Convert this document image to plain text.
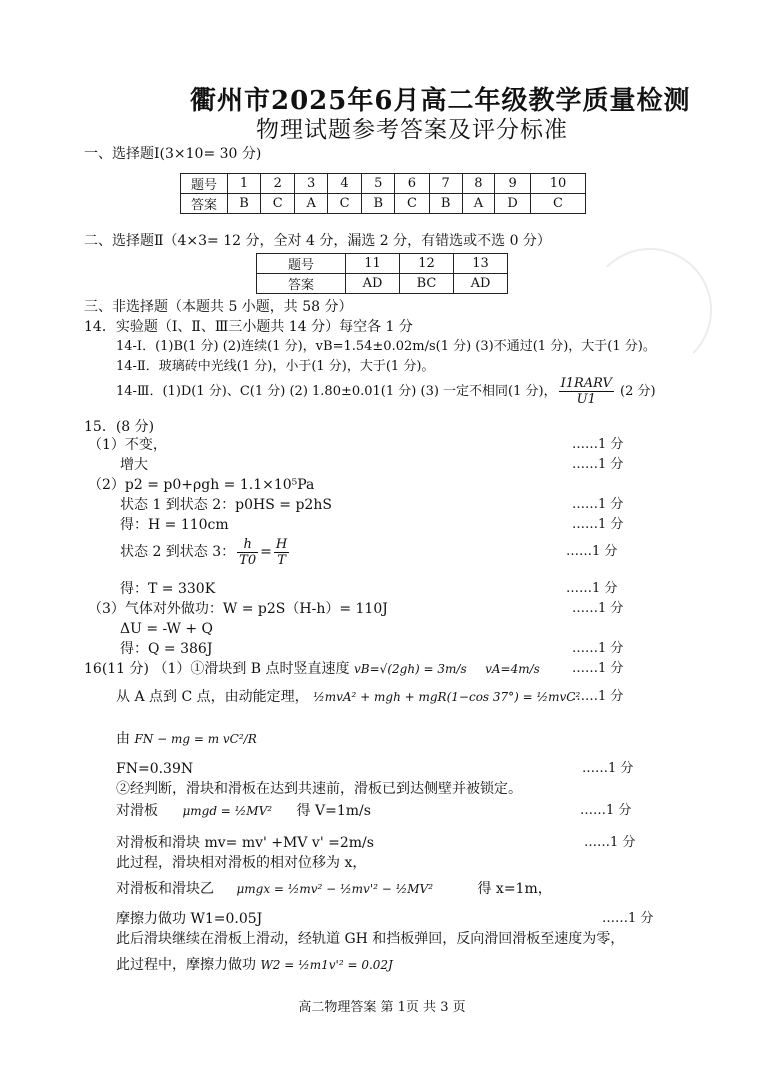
衢州市2025年6月高二年级教学质量检测
物理试题参考答案及评分标准
一、选择题Ⅰ(3×10= 30 分)
题号	1	2	3	4	5	6	7	8	9	10
答案	B	C	A	C	B	C	B	A	D	C
二、选择题Ⅱ（4×3= 12 分，全对 4 分，漏选 2 分，有错选或不选 0 分）
题号	11	12	13
答案	AD	BC	AD
三、非选择题（本题共 5 小题，共 58 分）
14．实验题（Ⅰ、Ⅱ、Ⅲ三小题共 14 分）每空各 1 分
14-Ⅰ．(1)B(1 分) (2)连续(1 分)，vB=1.54±0.02m/s(1 分) (3)不通过(1 分)，大于(1 分)。
14-Ⅱ．玻璃砖中光线(1 分)，小于(1 分)，大于(1 分)。
14-Ⅲ．(1)D(1 分)、C(1 分) (2) 1.80±0.01(1 分) (3) 一定不相同(1 分)， $\frac{\text{I1RARV}}{U1} (2$ 分)
15．(8 分)
（1）不变，	……1 分
增大	……1 分
（2）p2 = p0+ρgh = 1.1×10⁵Pa
状态 1 到状态 2：p0HS = p2hS	……1 分
得：H = 110cm	……1 分
状态 2 到状态 3： $\frac{h}{T0} = \frac{H}{T}$	……1 分
得：T = 330K	……1 分
（3）气体对外做功：W = p2S（H-h）= 110J	……1 分
ΔU = -W + Q
得：Q = 386J	……1 分
16(11 分) （1）①滑块到 B 点时竖直速度 vB=√(2gh) = 3m/s vA=4m/s ……1 分
从 A 点到 C 点，由动能定理， ½mvA² + mgh + mgR(1−cos 37°) = ½mvC²
……1 分
由 FN − mg = m vC²/R
FN=0.39N	……1 分
②经判断，滑块和滑板在达到共速前，滑板已到达侧壁并被锁定。
对滑板 μmgd = ½MV² 得 V=1m/s	……1 分
对滑板和滑块 mv= mv' +MV v' =2m/s	……1 分
此过程，滑块相对滑板的相对位移为 x，
对滑板和滑块乙 μmgx = ½mv² − ½mv'² − ½MV²	得 x=1m，
摩擦力做功 W1=0.05J	……1 分
此后滑块继续在滑板上滑动，经轨道 GH 和挡板弹回，反向滑回滑板至速度为零，
此过程中，摩擦力做功 W2 = ½m1v'² = 0.02J
高二物理答案 第 1页 共 3 页
